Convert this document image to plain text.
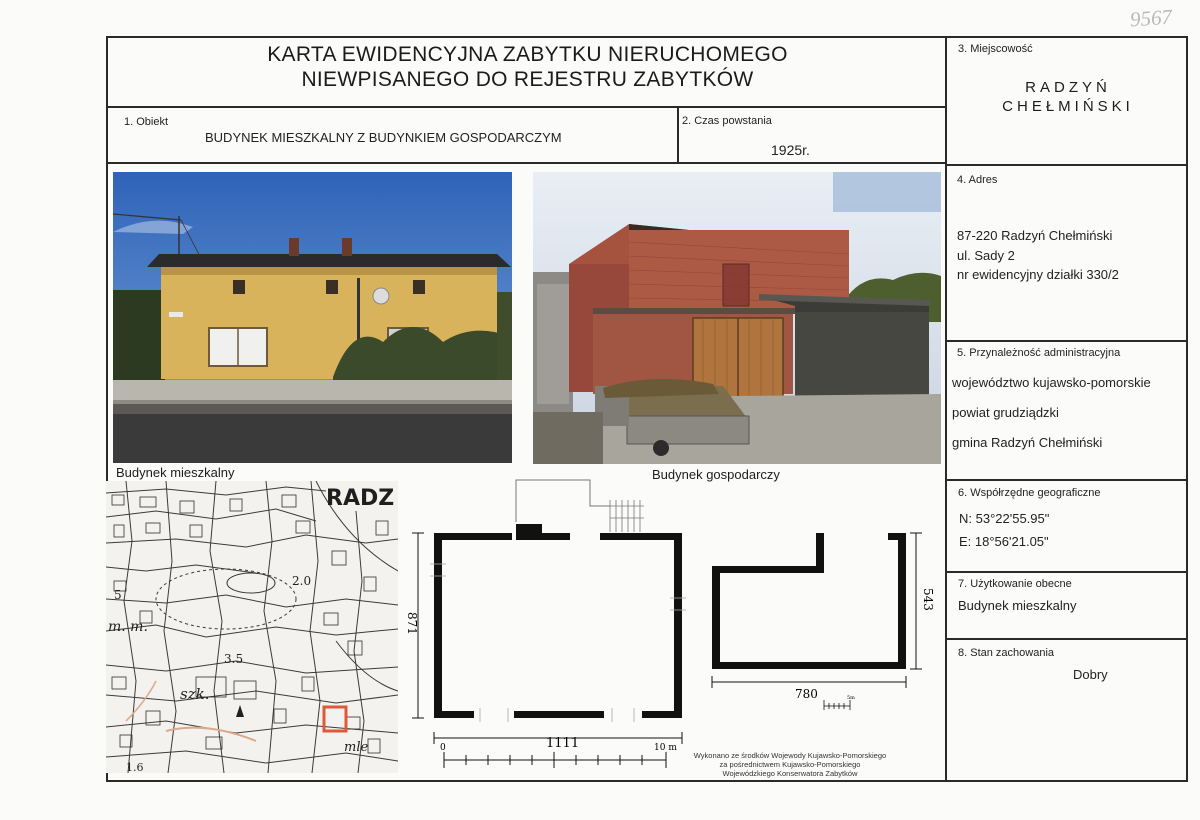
9567
KARTA EWIDENCYJNA ZABYTKU NIERUCHOMEGO
NIEWPISANEGO DO REJESTRU ZABYTKÓW
3. Miejscowość
RADZYŃ
CHEŁMIŃSKI
1. Obiekt
BUDYNEK MIESZKALNY Z BUDYNKIEM GOSPODARCZYM
2. Czas powstania
1925r.
4. Adres
87-220 Radzyń Chełmiński
ul. Sady 2
nr ewidencyjny działki 330/2
5. Przynależność administracyjna
województwo kujawsko-pomorskie
powiat grudziądzki
gmina Radzyń Chełmiński
6. Współrzędne geograficzne
N: 53°22'55.95"
E: 18°56'21.05"
7. Użytkowanie obecne
Budynek mieszkalny
8. Stan zachowania
Dobry
Budynek mieszkalny	Budynek gospodarczy
RADZ
2.0
3.5
m. m.
5
szk.
mle
1.6
871
1111
0	10 m
543
780	5m
Wykonano ze środków Wojewody Kujawsko-Pomorskiego
za pośrednictwem Kujawsko-Pomorskiego
Wojewódzkiego Konserwatora Zabytków
